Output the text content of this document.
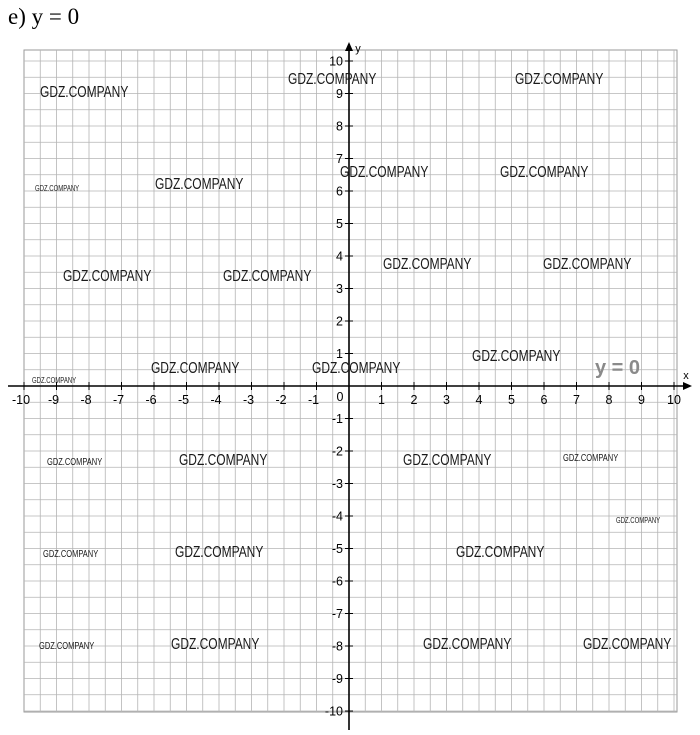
e) y = 0
-10 -9 -8 -7 -6 -5 -4 -3 -2 -1	1 2 3 4 5 6 7 8 9 10
10
9
8
7
6
5
4
3
2
1
-1
-2
-3
-4
-5
-6
-7
-8
-9
-10
0
x
y
GDZ.COMPANY
GDZ.COMPANY	GDZ.COMPANY
GDZ.COMPANY	GDZ.COMPANY
GDZ.COMPANY	GDZ.COMPANY
GDZ.COMPANY	GDZ.COMPANY
GDZ.COMPANY	GDZ.COMPANY
GDZ.COMPANY	GDZ.COMPANY
GDZ.COMPANY
GDZ.COMPANY
GDZ.COMPANY	GDZ.COMPANY	GDZ.COMPANY	GDZ.COMPANY
GDZ.COMPANY
GDZ.COMPANY	GDZ.COMPANY	GDZ.COMPANY
GDZ.COMPANY	GDZ.COMPANY	GDZ.COMPANY	GDZ.COMPANY
y = 0
